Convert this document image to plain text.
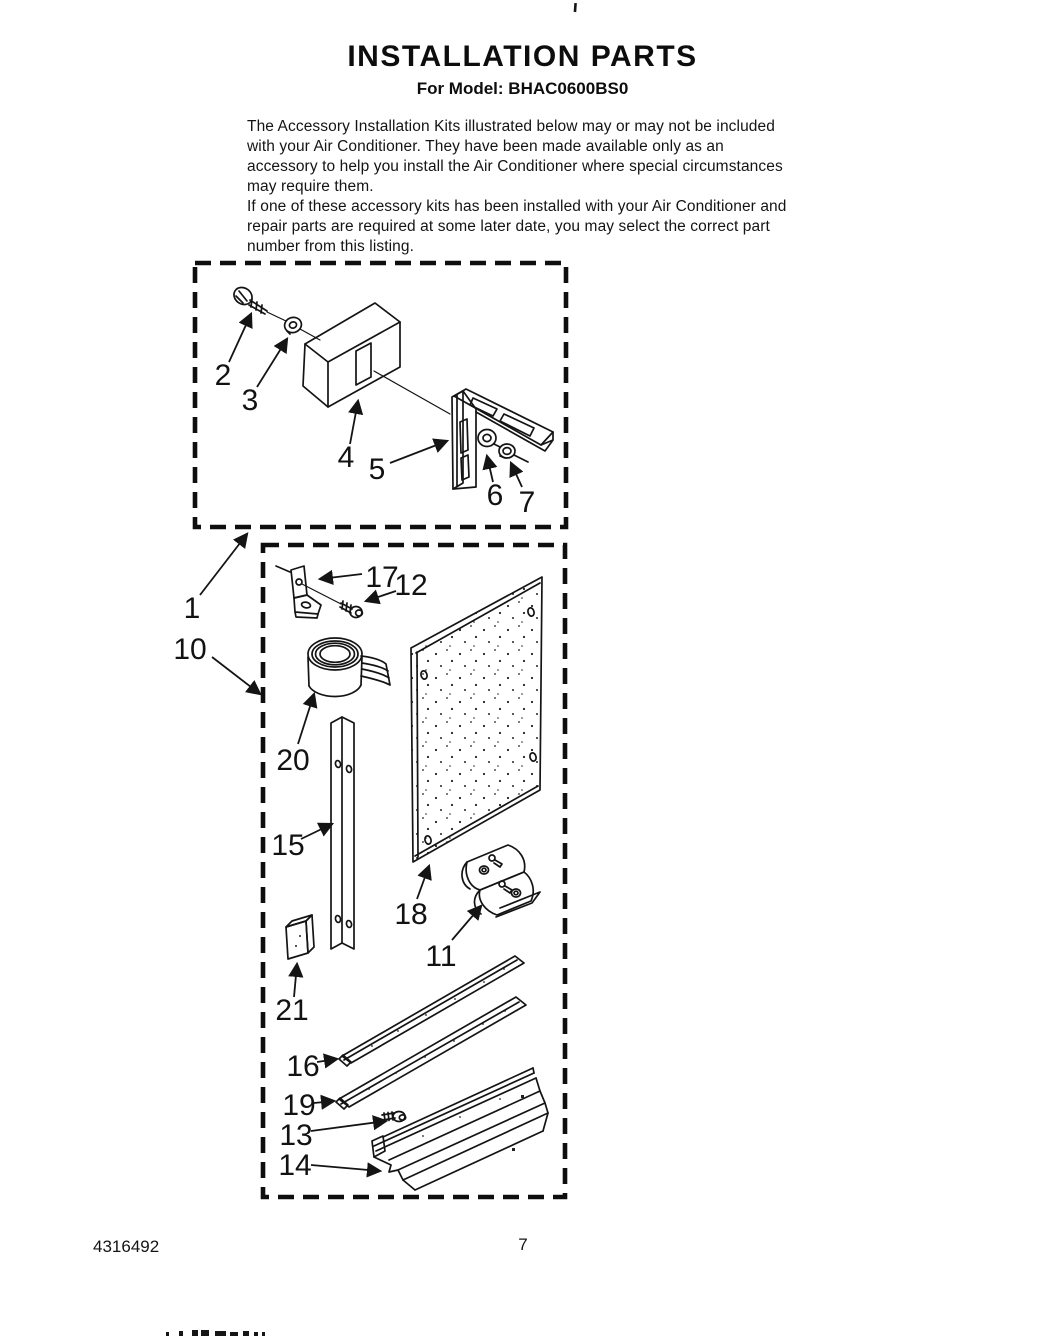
INSTALLATION PARTS
For Model: BHAC0600BS0

The Accessory Installation Kits illustrated below may or may not be included with your Air Conditioner. They have been made available only as an accessory to help you install the Air Conditioner where special circumstances may require them.

If one of these accessory kits has been installed with your Air Conditioner and repair parts are required at some later date, you may select the correct part number from this listing.

1
2
3
4 5
6 7
10
11
12
13
14
15
16
17
18
19
20
21
4316492	7
